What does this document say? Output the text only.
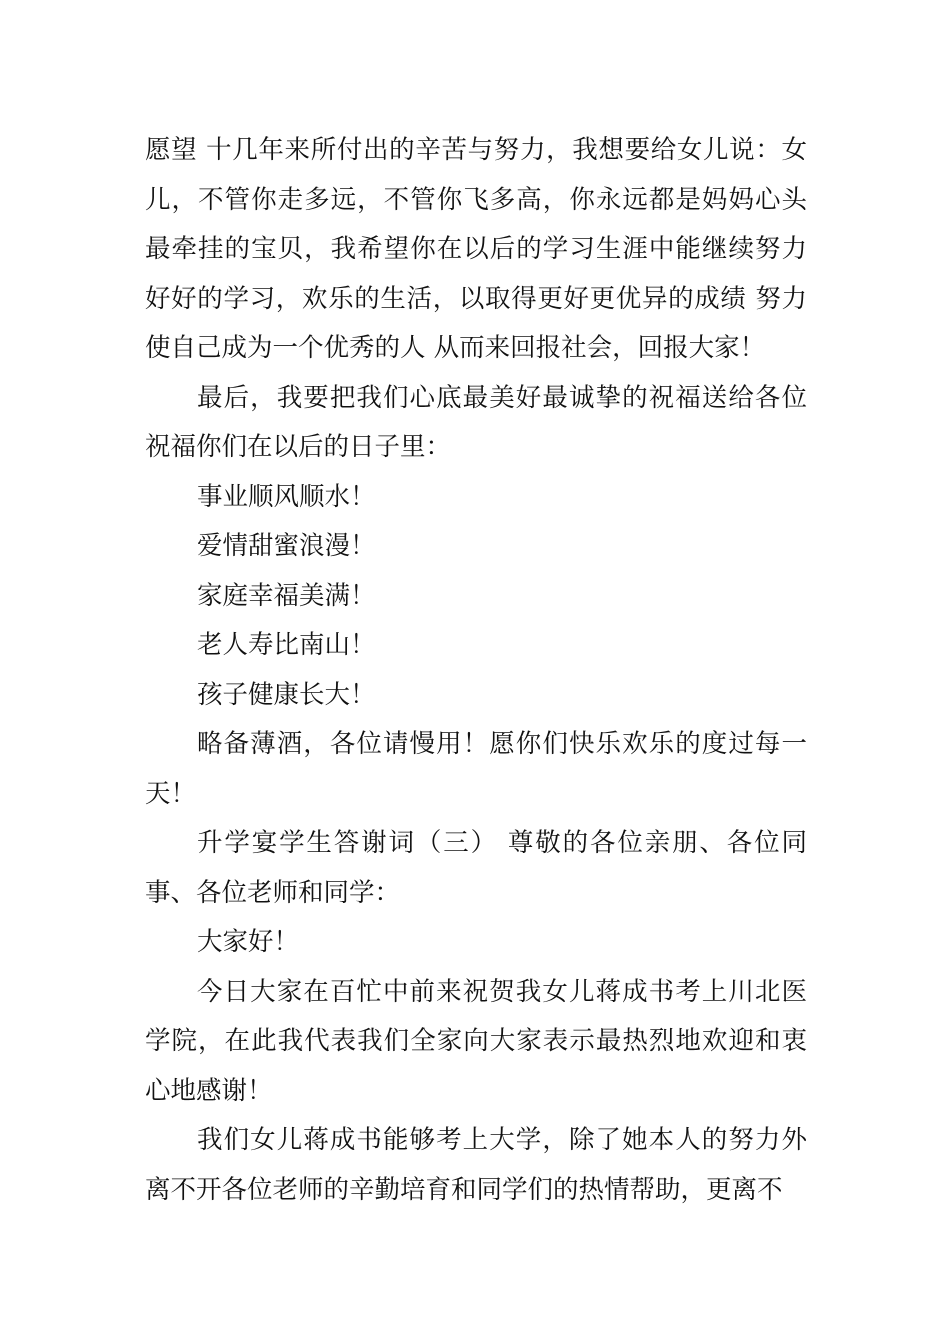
愿望 十几年来所付出的辛苦与努力，我想要给女儿说：女儿，不管你走多远，不管你飞多高，你永远都是妈妈心头最牵挂的宝贝，我希望你在以后的学习生涯中能继续努力好好的学习，欢乐的生活，以取得更好更优异的成绩 努力使自己成为一个优秀的人 从而来回报社会，回报大家！

最后，我要把我们心底最美好最诚挚的祝福送给各位祝福你们在以后的日子里：

事业顺风顺水！

爱情甜蜜浪漫！

家庭幸福美满！

老人寿比南山！

孩子健康长大！

略备薄酒，各位请慢用！愿你们快乐欢乐的度过每一天！

升学宴学生答谢词（三） 尊敬的各位亲朋、各位同事、各位老师和同学：

大家好！

今日大家在百忙中前来祝贺我女儿蒋成书考上川北医学院，在此我代表我们全家向大家表示最热烈地欢迎和衷心地感谢！

我们女儿蒋成书能够考上大学，除了她本人的努力外离不开各位老师的辛勤培育和同学们的热情帮助，更离不
